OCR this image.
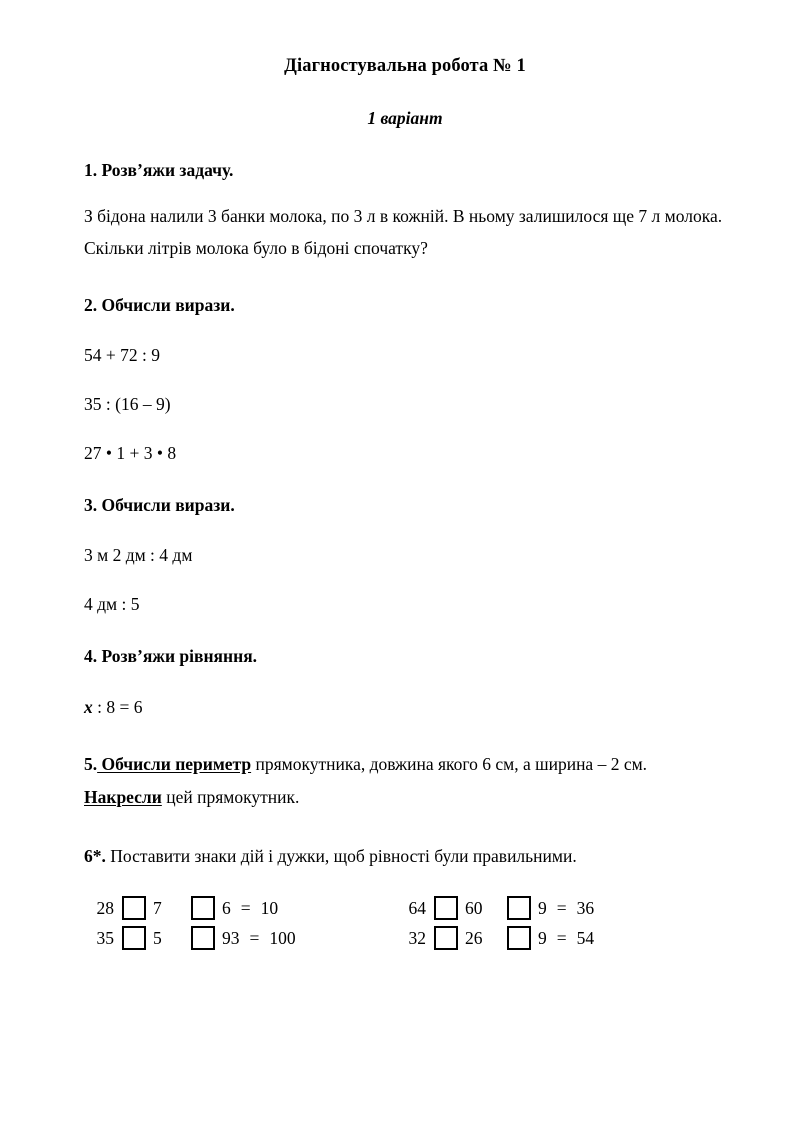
Діагностувальна робота № 1
1 варіант

1. Розв’яжи задачу.

З бідона налили 3 банки молока, по 3 л в кожній. В ньому залишилося ще 7 л молока. Скільки літрів молока було в бідоні спочатку?

2. Обчисли вирази.

54 + 72 : 9

35 : (16 – 9)

27 • 1 + 3 • 8

3. Обчисли вирази.

3 м 2 дм : 4 дм

4 дм : 5

4. Розв’яжи рівняння.

x : 8 = 6

5. Обчисли периметр прямокутника, довжина якого 6 см, а ширина – 2 см. Накресли цей прямокутник.

6*. Поставити знаки дій і дужки, щоб рівності були правильними.

28	7	6 = 10	64	60	9 = 36
35	5	93 = 100	32	26	9 = 54
